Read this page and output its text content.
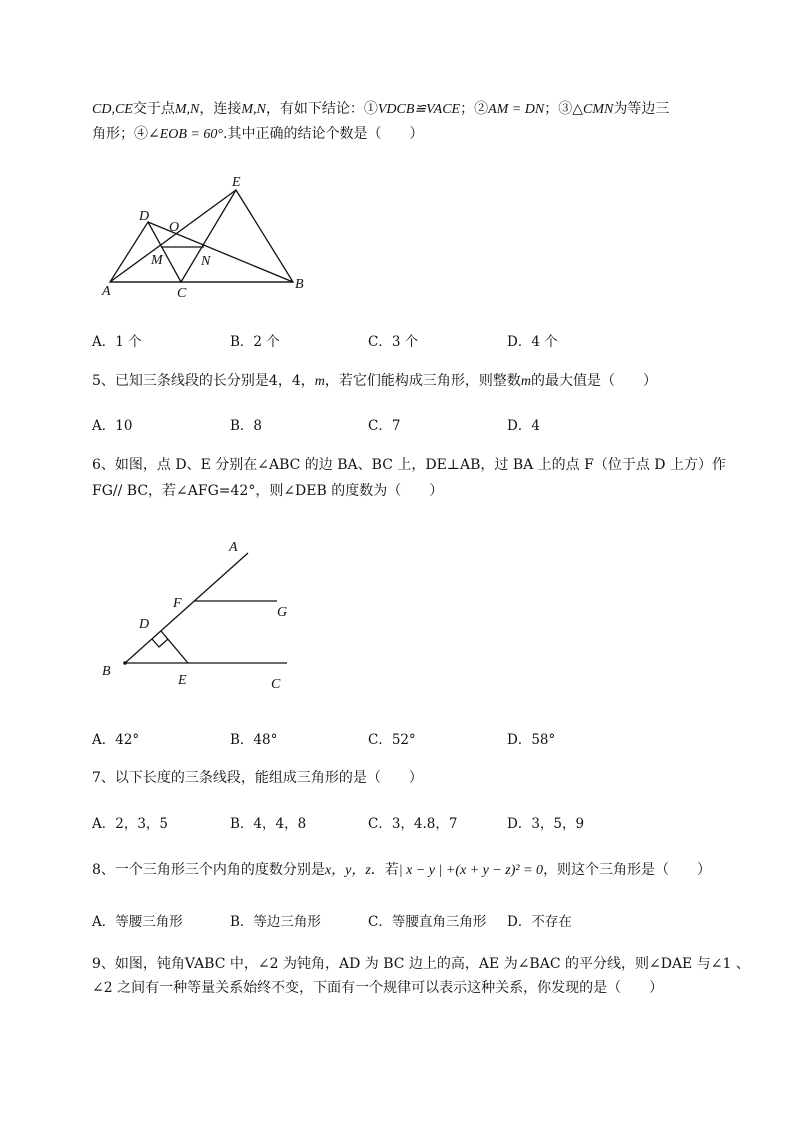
CD,CE交于点M,N，连接M,N，有如下结论：①VDCB≌VACE；②AM = DN；③△CMN为等边三
角形；④∠EOB = 60°.其中正确的结论个数是（　　）
E
D
O
M	N
A	C
B
A．1 个	B．2 个	C．3 个	D．4 个
5、已知三条线段的长分别是4，4，m，若它们能构成三角形，则整数m的最大值是（　　）
A．10	B．8	C．7	D．4
6、如图，点 D、E 分别在∠ABC 的边 BA、BC 上，DE⊥AB，过 BA 上的点 F（位于点 D 上方）作
FG// BC，若∠AFG=42°，则∠DEB 的度数为（　　）
A
F
G
D
B
E	C
A．42°	B．48°	C．52°	D．58°
7、以下长度的三条线段，能组成三角形的是（　　）
A．2，3，5	B．4，4，8	C．3，4.8，7	D．3，5，9
8、一个三角形三个内角的度数分别是x，y，z．若| x − y | +(x + y − z)² = 0，则这个三角形是（　　）
A．等腰三角形	B．等边三角形	C．等腰直角三角形 D．不存在
9、如图，钝角VABC 中，∠2 为钝角，AD 为 BC 边上的高，AE 为∠BAC 的平分线，则∠DAE 与∠1 、
∠2 之间有一种等量关系始终不变，下面有一个规律可以表示这种关系，你发现的是（　　）
